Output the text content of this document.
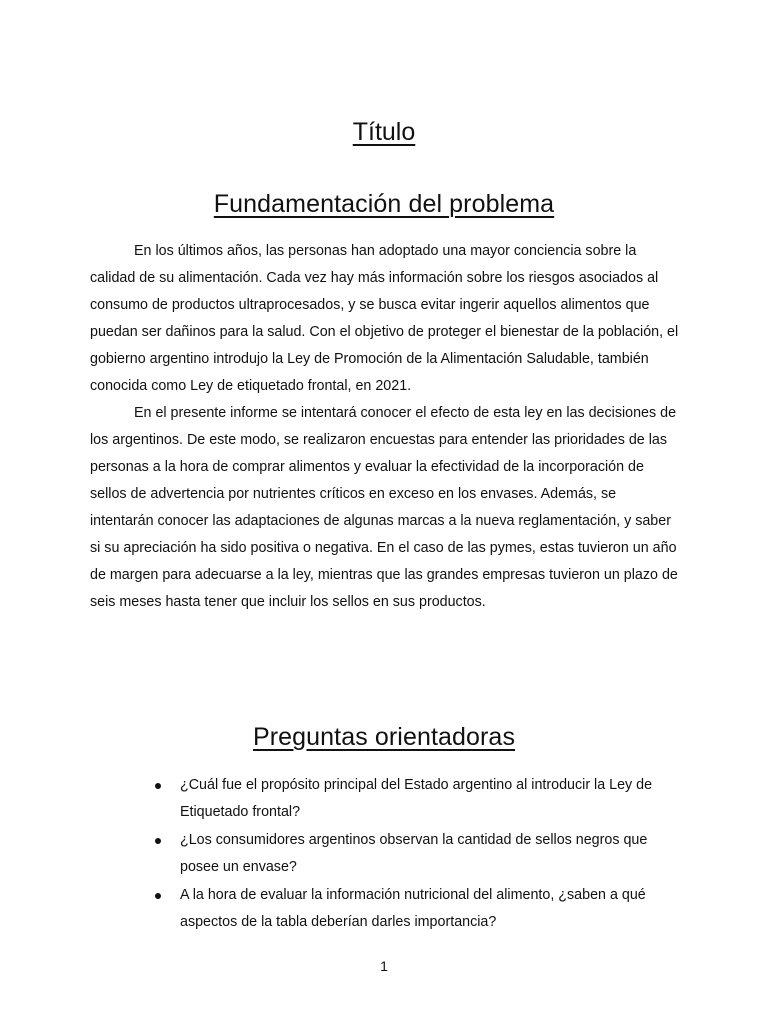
Título
Fundamentación del problema

En los últimos años, las personas han adoptado una mayor conciencia sobre la calidad de su alimentación. Cada vez hay más información sobre los riesgos asociados al consumo de productos ultraprocesados, y se busca evitar ingerir aquellos alimentos que puedan ser dañinos para la salud. Con el objetivo de proteger el bienestar de la población, el gobierno argentino introdujo la Ley de Promoción de la Alimentación Saludable, también conocida como Ley de etiquetado frontal, en 2021.

En el presente informe se intentará conocer el efecto de esta ley en las decisiones de los argentinos. De este modo, se realizaron encuestas para entender las prioridades de las personas a la hora de comprar alimentos y evaluar la efectividad de la incorporación de sellos de advertencia por nutrientes críticos en exceso en los envases. Además, se intentarán conocer las adaptaciones de algunas marcas a la nueva reglamentación, y saber si su apreciación ha sido positiva o negativa. En el caso de las pymes, estas tuvieron un año de margen para adecuarse a la ley, mientras que las grandes empresas tuvieron un plazo de seis meses hasta tener que incluir los sellos en sus productos.

Preguntas orientadoras
¿Cuál fue el propósito principal del Estado argentino al introducir la Ley de Etiquetado frontal?
¿Los consumidores argentinos observan la cantidad de sellos negros que posee un envase?
A la hora de evaluar la información nutricional del alimento, ¿saben a qué aspectos de la tabla deberían darles importancia?
1
